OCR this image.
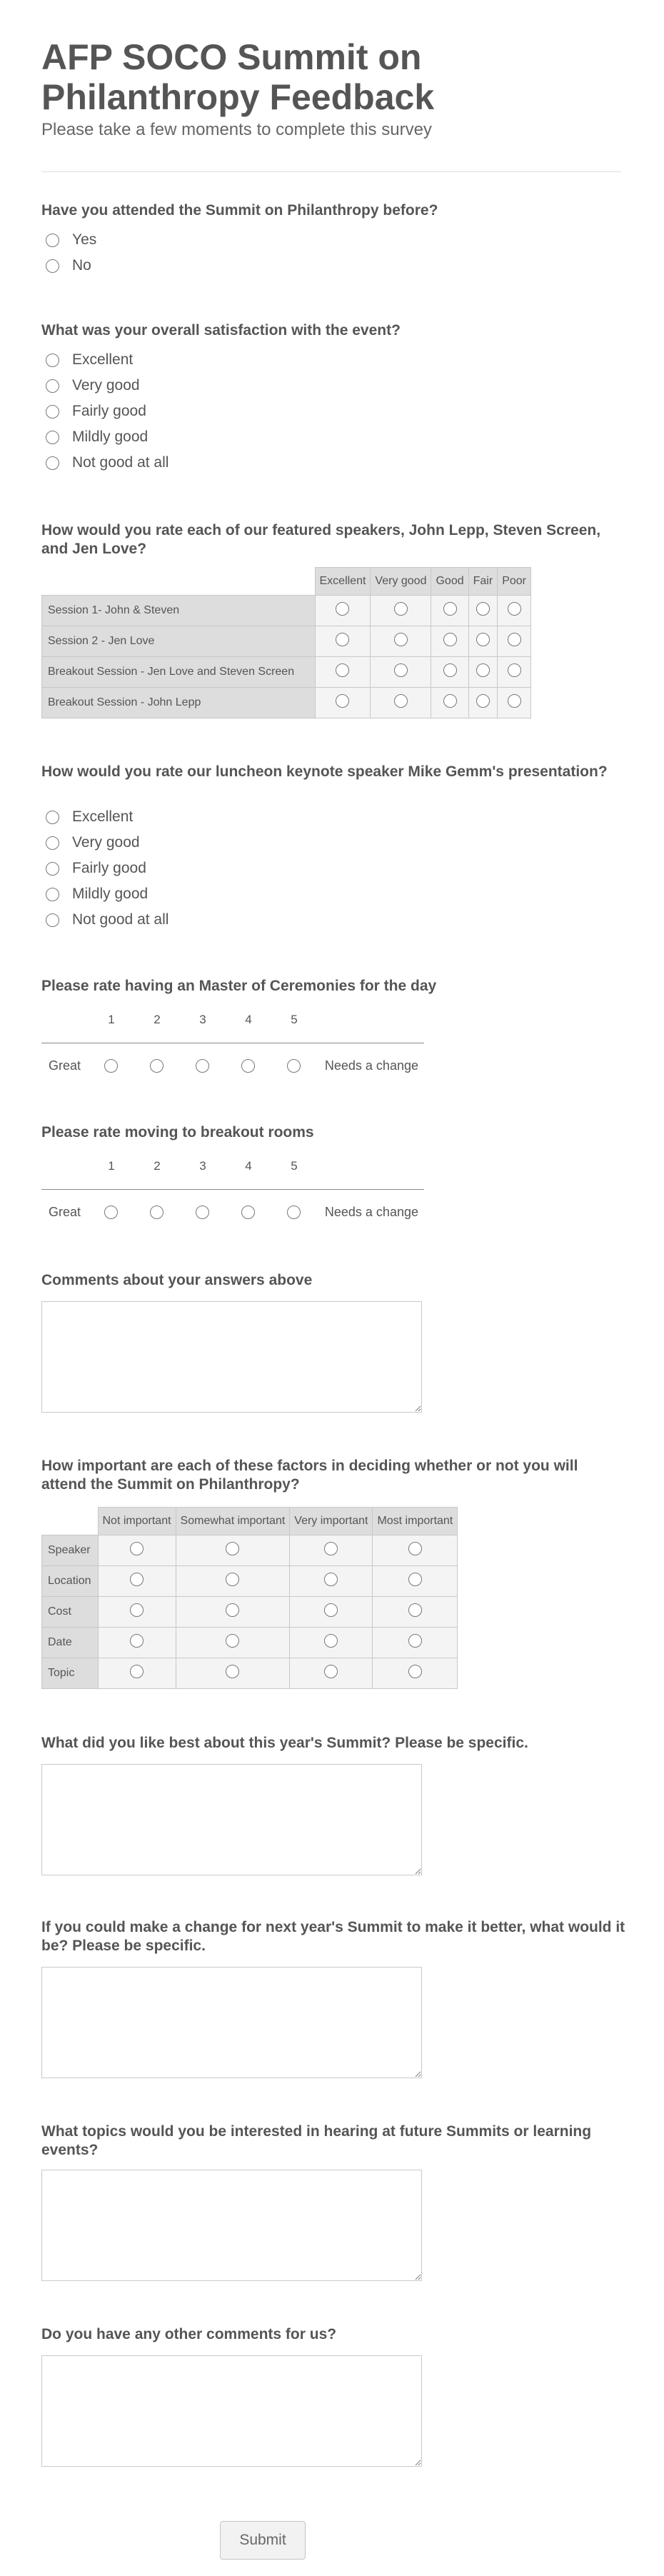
AFP SOCO Summit on Philanthropy Feedback
Please take a few moments to complete this survey
Have you attended the Summit on Philanthropy before?
Yes
No
What was your overall satisfaction with the event?
Excellent
Very good
Fairly good
Mildly good
Not good at all
How would you rate each of our featured speakers, John Lepp, Steven Screen, and Jen Love?
	Excellent	Very good	Good	Fair	Poor
Session 1- John & Steven					
Session 2 - Jen Love					
Breakout Session - Jen Love and Steven Screen					
Breakout Session - John Lepp					
How would you rate our luncheon keynote speaker Mike Gemm's presentation?
Excellent
Very good
Fairly good
Mildly good
Not good at all
Please rate having an Master of Ceremonies for the day
1	2	3	4	5
Great	Needs a change
Please rate moving to breakout rooms
1	2	3	4	5
Great	Needs a change
Comments about your answers above
How important are each of these factors in deciding whether or not you will attend the Summit on Philanthropy?
	Not important	Somewhat important	Very important	Most important
Speaker				
Location				
Cost				
Date				
Topic				
What did you like best about this year's Summit? Please be specific.
If you could make a change for next year's Summit to make it better, what would it be? Please be specific.
What topics would you be interested in hearing at future Summits or learning events?
Do you have any other comments for us?
Submit
